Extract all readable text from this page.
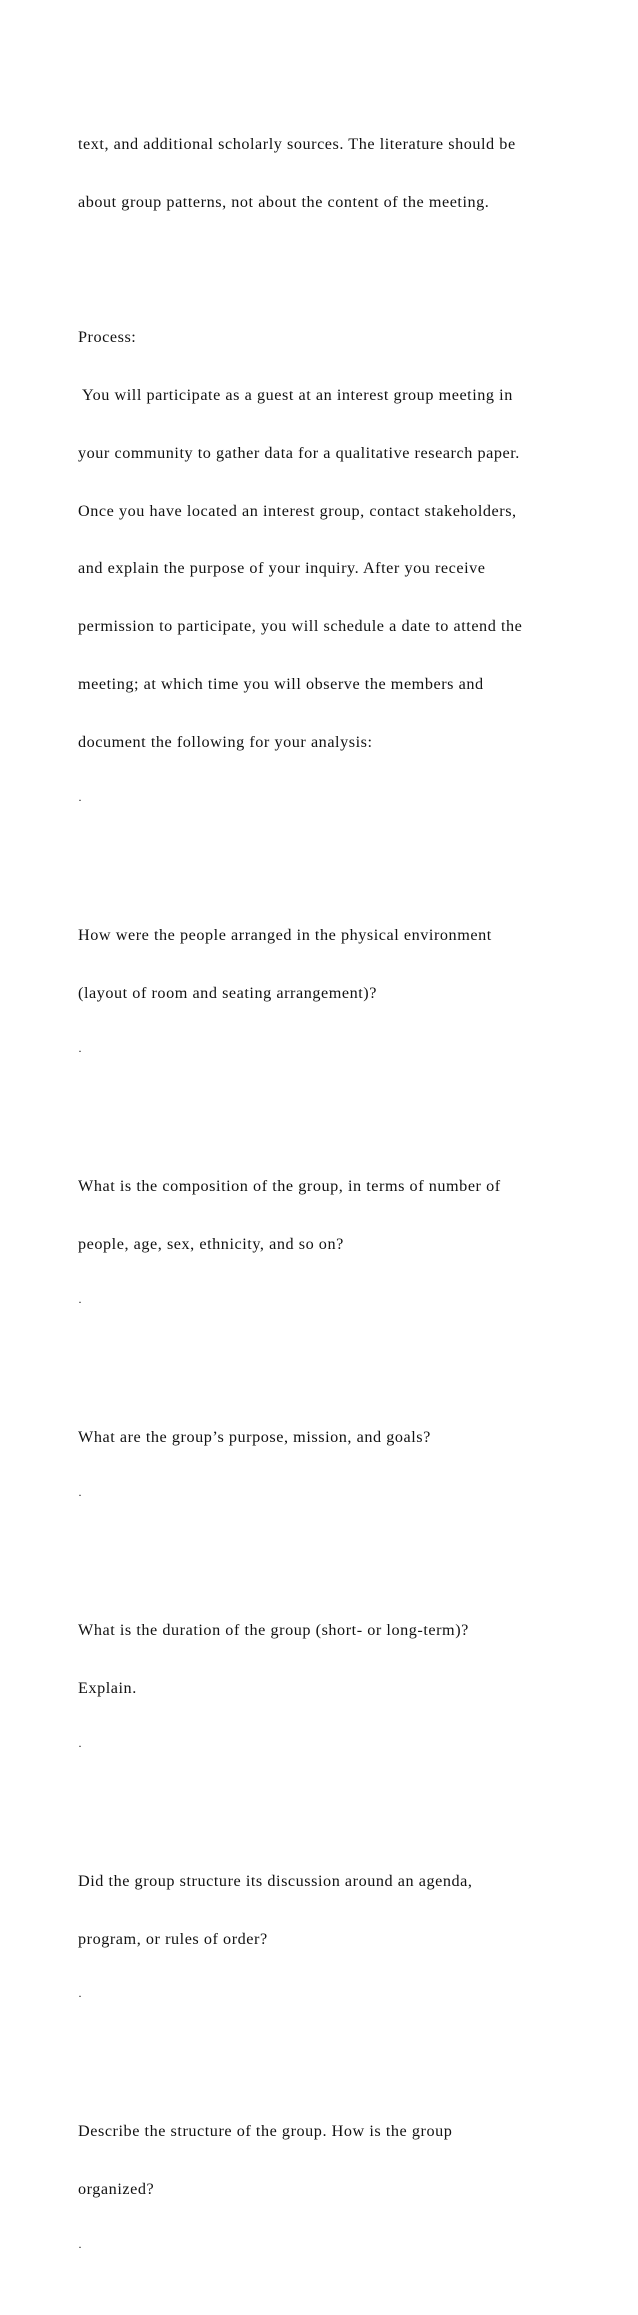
text, and additional scholarly sources. The literature should be

about group patterns, not about the content of the meeting.

Process:

You will participate as a guest at an interest group meeting in

your community to gather data for a qualitative research paper.

Once you have located an interest group, contact stakeholders,

and explain the purpose of your inquiry. After you receive

permission to participate, you will schedule a date to attend the

meeting; at which time you will observe the members and

document the following for your analysis:

·

How were the people arranged in the physical environment

(layout of room and seating arrangement)?

·

What is the composition of the group, in terms of number of

people, age, sex, ethnicity, and so on?

·

What are the group’s purpose, mission, and goals?

·

What is the duration of the group (short- or long-term)?

Explain.

·

Did the group structure its discussion around an agenda,

program, or rules of order?

·

Describe the structure of the group. How is the group

organized?

·
